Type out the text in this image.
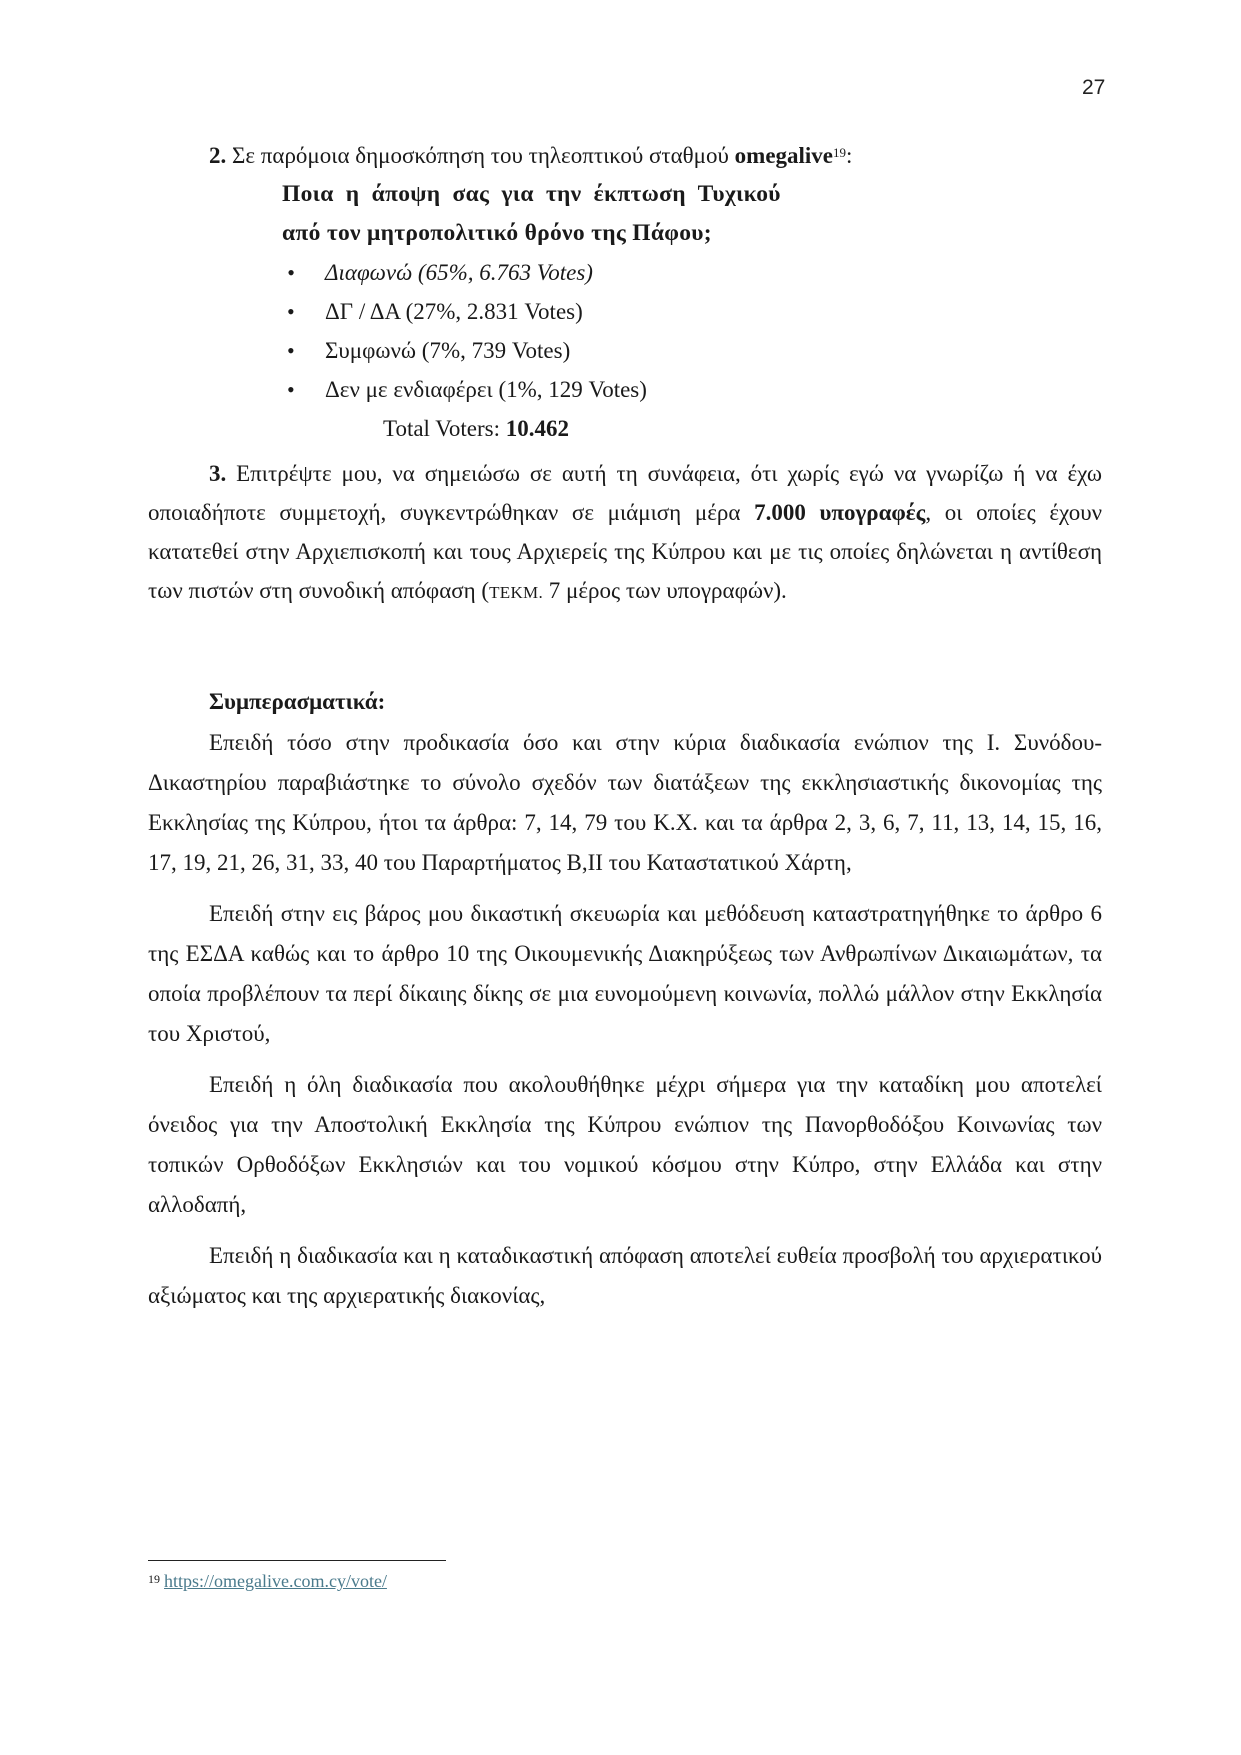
27

2. Σε παρόμοια δημοσκόπηση του τηλεοπτικού σταθμού omegalive$^{19}$:

Ποια η άποψη σας για την έκπτωση Τυχικού
από τον μητροπολιτικό θρόνο της Πάφου;
• Διαφωνώ (65%, 6.763 Votes)
• ΔΓ / ΔΑ (27%, 2.831 Votes)
• Συμφωνώ (7%, 739 Votes)
• Δεν με ενδιαφέρει (1%, 129 Votes)

Total Voters: 10.462

3. Επιτρέψτε μου, να σημειώσω σε αυτή τη συνάφεια, ότι χωρίς εγώ να γνωρίζω ή να έχω οποιαδήποτε συμμετοχή, συγκεντρώθηκαν σε μιάμιση μέρα 7.000 υπογραφές, οι οποίες έχουν κατατεθεί στην Αρχιεπισκοπή και τους Αρχιερείς της Κύπρου και με τις οποίες δηλώνεται η αντίθεση των πιστών στη συνοδική απόφαση (ΤΕΚΜ. 7 μέρος των υπογραφών).

Συμπερασματικά:

Επειδή τόσο στην προδικασία όσο και στην κύρια διαδικασία ενώπιον της Ι. Συνόδου-Δικαστηρίου παραβιάστηκε το σύνολο σχεδόν των διατάξεων της εκκλησιαστικής δικονομίας της Εκκλησίας της Κύπρου, ήτοι τα άρθρα: 7, 14, 79 του Κ.Χ. και τα άρθρα 2, 3, 6, 7, 11, 13, 14, 15, 16, 17, 19, 21, 26, 31, 33, 40 του Παραρτήματος Β,ΙΙ του Καταστατικού Χάρτη,

Επειδή στην εις βάρος μου δικαστική σκευωρία και μεθόδευση καταστρατηγήθηκε το άρθρο 6 της ΕΣΔΑ καθώς και το άρθρο 10 της Οικουμενικής Διακηρύξεως των Ανθρωπίνων Δικαιωμάτων, τα οποία προβλέπουν τα περί δίκαιης δίκης σε μια ευνομούμενη κοινωνία, πολλώ μάλλον στην Εκκλησία του Χριστού,

Επειδή η όλη διαδικασία που ακολουθήθηκε μέχρι σήμερα για την καταδίκη μου αποτελεί όνειδος για την Αποστολική Εκκλησία της Κύπρου ενώπιον της Πανορθοδόξου Κοινωνίας των τοπικών Ορθοδόξων Εκκλησιών και του νομικού κόσμου στην Κύπρο, στην Ελλάδα και στην αλλοδαπή,

Επειδή η διαδικασία και η καταδικαστική απόφαση αποτελεί ευθεία προσβολή του αρχιερατικού αξιώματος και της αρχιερατικής διακονίας,

$^{19}$ https://omegalive.com.cy/vote/
